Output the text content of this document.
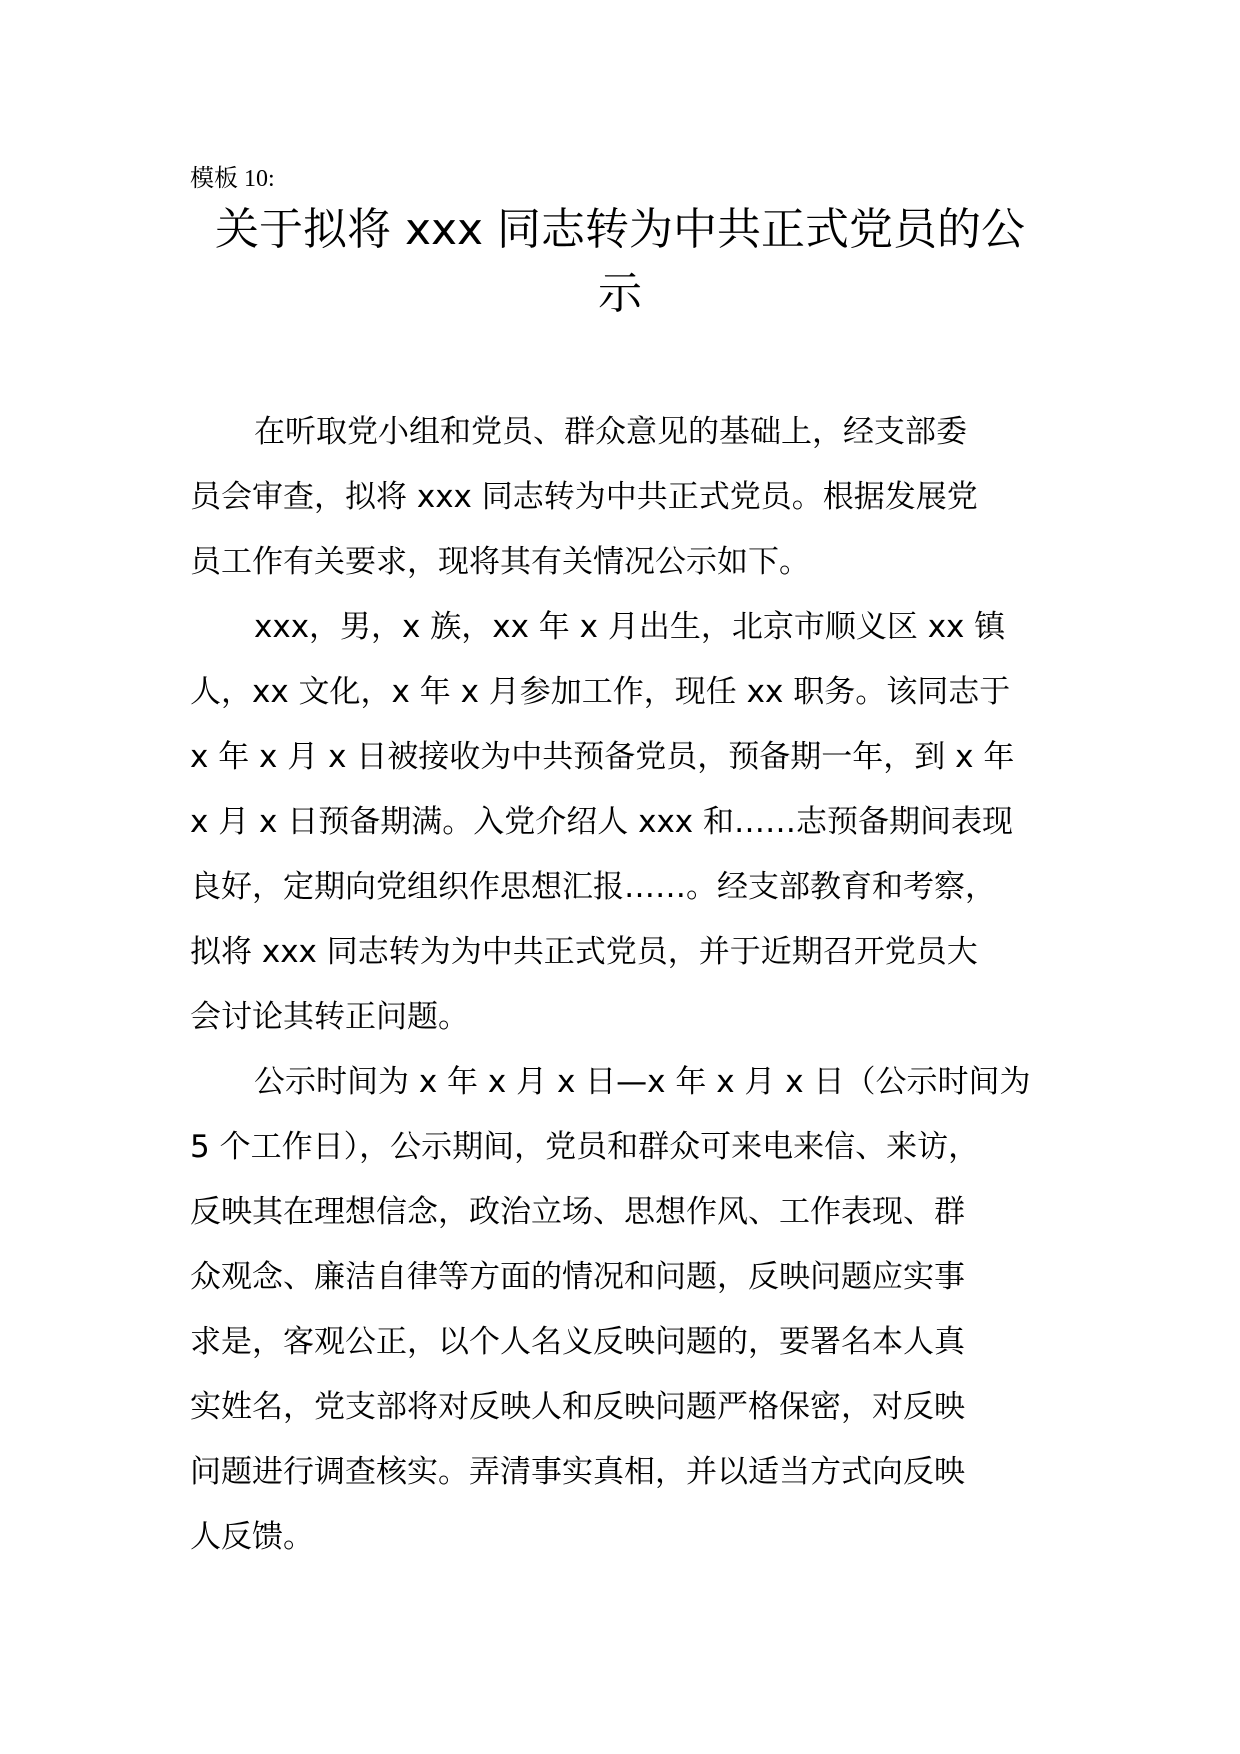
模板 10:
关于拟将 xxx 同志转为中共正式党员的公
示
在听取党小组和党员、群众意见的基础上，经支部委
员会审查，拟将 xxx 同志转为中共正式党员。根据发展党
员工作有关要求，现将其有关情况公示如下。
xxx，男，x 族，xx 年 x 月出生，北京市顺义区 xx 镇
人，xx 文化，x 年 x 月参加工作，现任 xx 职务。该同志于
x 年 x 月 x 日被接收为中共预备党员，预备期一年，到 x 年
x 月 x 日预备期满。入党介绍人 xxx 和……志预备期间表现
良好，定期向党组织作思想汇报……。经支部教育和考察，
拟将 xxx 同志转为为中共正式党员，并于近期召开党员大
会讨论其转正问题。
公示时间为 x 年 x 月 x 日—x 年 x 月 x 日（公示时间为
5 个工作日），公示期间，党员和群众可来电来信、来访，
反映其在理想信念，政治立场、思想作风、工作表现、群
众观念、廉洁自律等方面的情况和问题，反映问题应实事
求是，客观公正，以个人名义反映问题的，要署名本人真
实姓名，党支部将对反映人和反映问题严格保密，对反映
问题进行调查核实。弄清事实真相，并以适当方式向反映
人反馈。
